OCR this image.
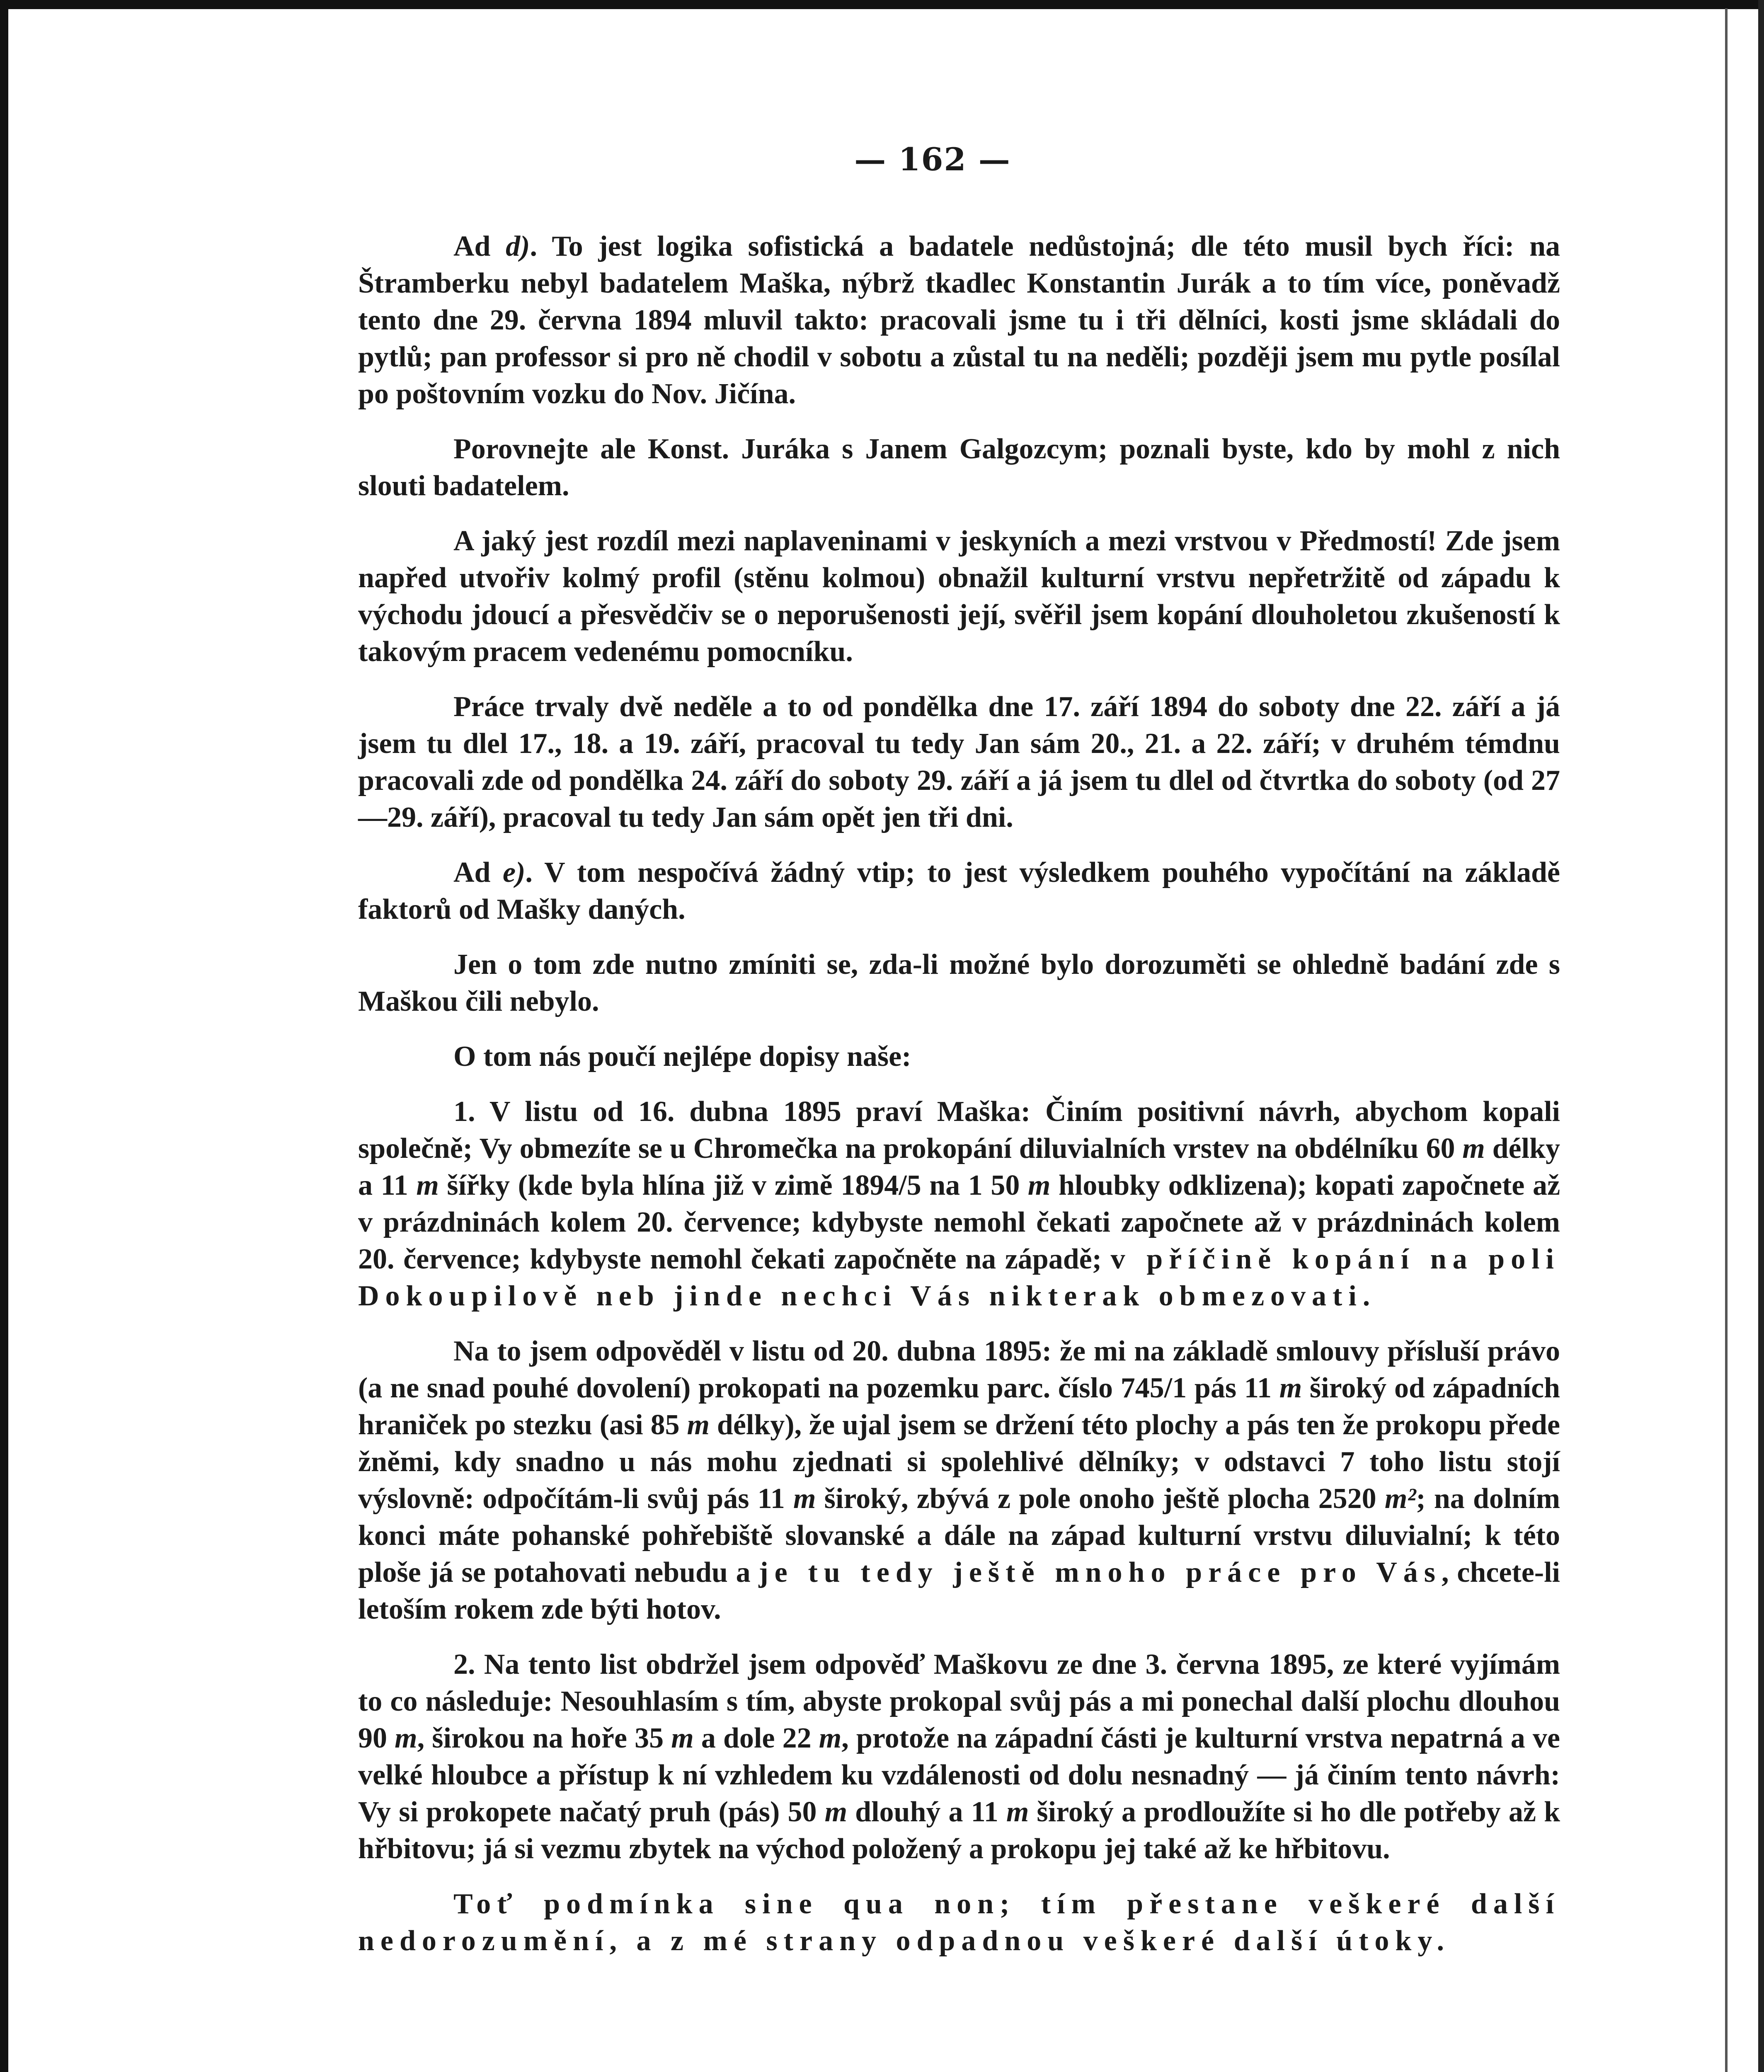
— 162 —

Ad d). To jest logika sofistická a badatele nedůstojná; dle této musil bych říci: na Štramberku nebyl badatelem Maška, nýbrž tkadlec Konstantin Jurák a to tím více, poněvadž tento dne 29. června 1894 mluvil takto: pracovali jsme tu i tři dělníci, kosti jsme skládali do pytlů; pan professor si pro ně chodil v sobotu a zůstal tu na neděli; později jsem mu pytle posílal po poštovním vozku do Nov. Jičína.

Porovnejte ale Konst. Juráka s Janem Galgozcym; poznali byste, kdo by mohl z nich slouti badatelem.

A jaký jest rozdíl mezi naplaveninami v jeskyních a mezi vrstvou v Předmostí! Zde jsem napřed utvořiv kolmý profil (stěnu kolmou) obnažil kulturní vrstvu nepřetržitě od západu k východu jdoucí a přesvědčiv se o neporušenosti její, svěřil jsem kopání dlouholetou zkušeností k takovým pracem vedenému pomocníku.

Práce trvaly dvě neděle a to od pondělka dne 17. září 1894 do soboty dne 22. září a já jsem tu dlel 17., 18. a 19. září, pracoval tu tedy Jan sám 20., 21. a 22. září; v druhém témdnu pracovali zde od pondělka 24. září do soboty 29. září a já jsem tu dlel od čtvrtka do soboty (od 27—29. září), pracoval tu tedy Jan sám opět jen tři dni.

Ad e). V tom nespočívá žádný vtip; to jest výsledkem pouhého vypočítání na základě faktorů od Mašky daných.

Jen o tom zde nutno zmíniti se, zda-li možné bylo dorozuměti se ohledně badání zde s Maškou čili nebylo.

O tom nás poučí nejlépe dopisy naše:

1. V listu od 16. dubna 1895 praví Maška: Činím positivní návrh, abychom kopali společně; Vy obmezíte se u Chromečka na prokopání diluvialních vrstev na obdélníku 60 m délky a 11 m šířky (kde byla hlína již v zimě 1894/5 na 1 50 m hloubky odklizena); kopati započnete až v prázdninách kolem 20. července; kdybyste nemohl čekati započnete až v prázdninách kolem 20. července; kdybyste nemohl čekati započněte na západě; v příčině kopání na poli Dokoupilově neb jinde nechci Vás nikterak obmezovati.

Na to jsem odpověděl v listu od 20. dubna 1895: že mi na základě smlouvy přísluší právo (a ne snad pouhé dovolení) prokopati na pozemku parc. číslo 745/1 pás 11 m široký od západních hraniček po stezku (asi 85 m délky), že ujal jsem se držení této plochy a pás ten že prokopu přede žněmi, kdy snadno u nás mohu zjednati si spolehlivé dělníky; v odstavci 7 toho listu stojí výslovně: odpočítám-li svůj pás 11 m široký, zbývá z pole onoho ještě plocha 2520 m²; na dolním konci máte pohanské pohřebiště slovanské a dále na západ kulturní vrstvu diluvialní; k této ploše já se potahovati nebudu a je tu tedy ještě mnoho práce pro Vás, chcete-li letoším rokem zde býti hotov.

2. Na tento list obdržel jsem odpověď Maškovu ze dne 3. června 1895, ze které vyjímám to co následuje: Nesouhlasím s tím, abyste prokopal svůj pás a mi ponechal další plochu dlouhou 90 m, širokou na hoře 35 m a dole 22 m, protože na západní části je kulturní vrstva nepatrná a ve velké hloubce a přístup k ní vzhledem ku vzdálenosti od dolu nesnadný — já činím tento návrh: Vy si prokopete načatý pruh (pás) 50 m dlouhý a 11 m široký a prodloužíte si ho dle potřeby až k hřbitovu; já si vezmu zbytek na východ položený a prokopu jej také až ke hřbitovu.

Toť podmínka sine qua non; tím přestane veškeré další nedorozumění, a z mé strany odpadnou veškeré další útoky.
